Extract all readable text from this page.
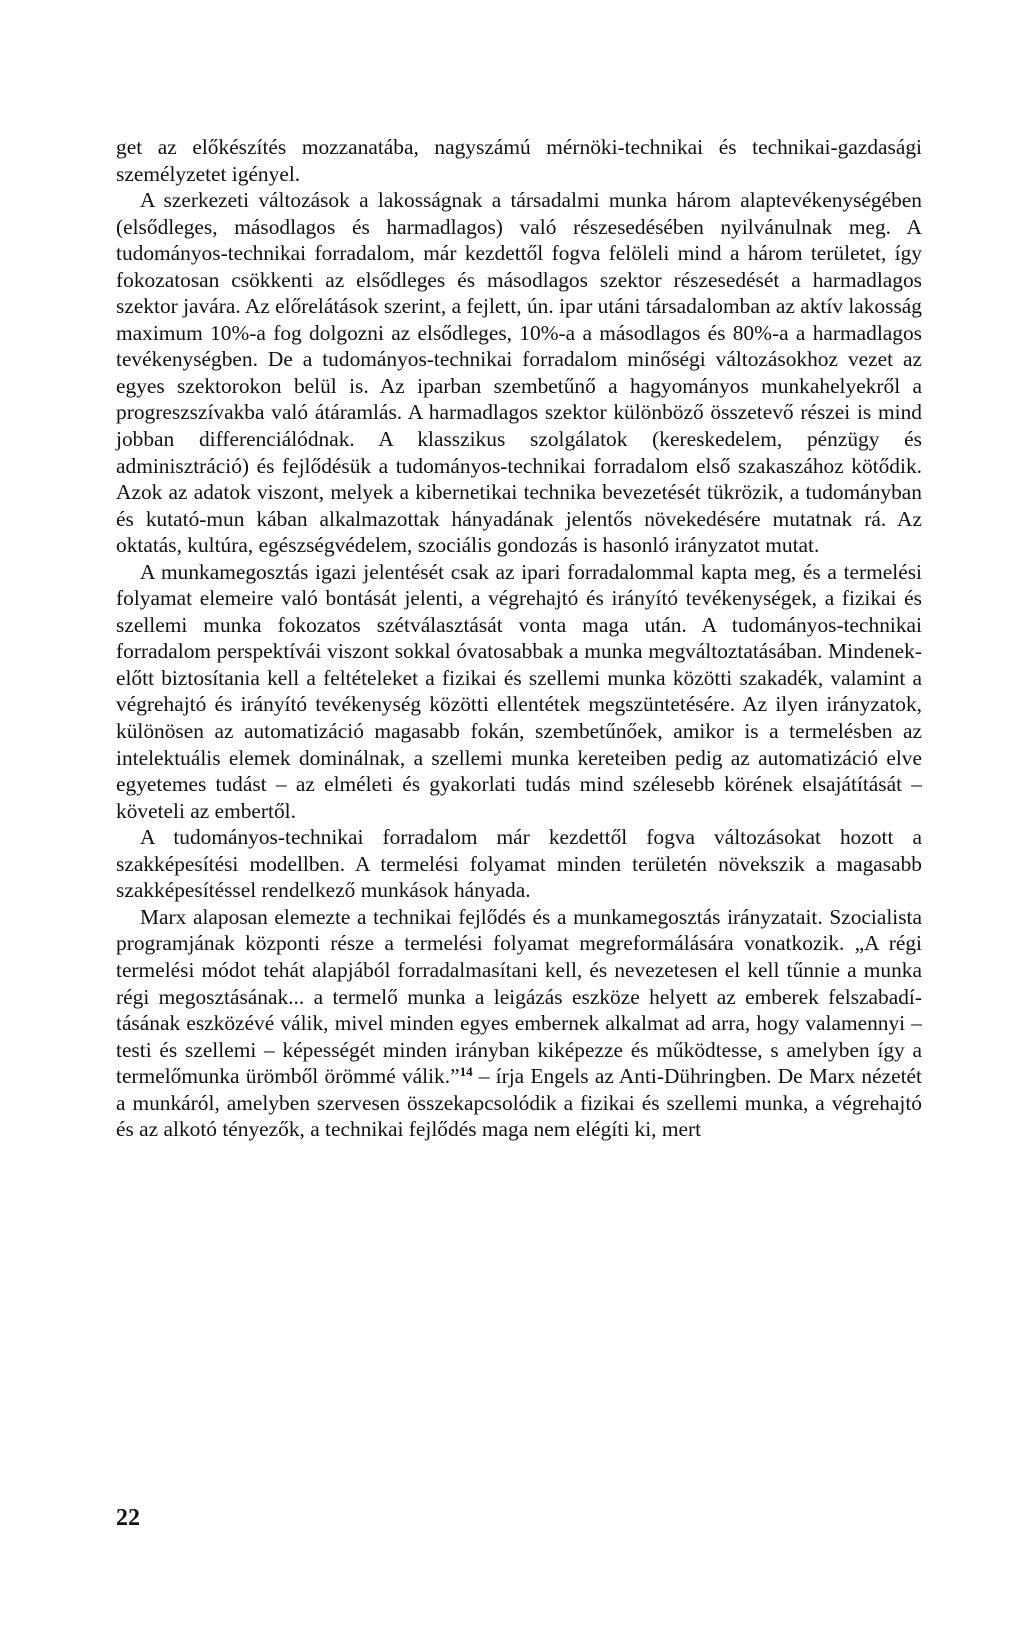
get az előkészítés mozzanatába, nagyszámú mérnöki-technikai és technikai-gazdasági személyzetet igényel.

A szerkezeti változások a lakosságnak a társadalmi munka három alaptevékenységében (elsődleges, másodlagos és harmadlagos) való részesedésében nyilvánulnak meg. A tudományos-technikai forradalom, már kezdettől fogva felöleli mind a három területet, így fokozatosan csökkenti az elsődleges és másodlagos szektor részesedését a harmadlagos szektor javára. Az előrelátások szerint, a fejlett, ún. ipar utáni társadalomban az aktív lakosság maximum 10%-a fog dolgozni az elsődleges, 10%-a a másodlagos és 80%-a a harmadlagos tevékenységben. De a tudományos-technikai forradalom minőségi változásokhoz vezet az egyes szektorokon belül is. Az iparban szembetűnő a hagyományos munkahelyekről a progreszszívakba való átáramlás. A harmadlagos szektor különböző összetevő részei is mind jobban differenciálódnak. A klasszikus szolgálatok (kereskedelem, pénzügy és adminisztráció) és fejlődésük a tudományos-technikai forradalom első szakaszához kötődik. Azok az adatok viszont, melyek a kibernetikai technika bevezetését tükrözik, a tudományban és kutató-mun kában alkalmazottak hányadának jelentős növekedésére mutatnak rá. Az oktatás, kultúra, egészségvédelem, szociális gondozás is hasonló irányzatot mutat.

A munkamegosztás igazi jelentését csak az ipari forradalommal kapta meg, és a termelési folyamat elemeire való bontását jelenti, a végrehajtó és irányító tevékenységek, a fizikai és szellemi munka fokozatos szétválasztását vonta maga után. A tudományos-technikai forradalom perspektívái viszont sokkal óvatosabbak a munka megváltoztatásában. Mindenekelőtt biztosítania kell a feltételeket a fizikai és szellemi munka közötti szakadék, valamint a végrehajtó és irányító tevékenység közötti ellentétek megszüntetésére. Az ilyen irányzatok, különösen az automatizáció magasabb fokán, szembetűnőek, amikor is a termelésben az intelektuális elemek dominálnak, a szellemi munka kereteiben pedig az automatizáció elve egyetemes tudást – az elméleti és gyakorlati tudás mind szélesebb körének elsajátítását – követeli az embertől.

A tudományos-technikai forradalom már kezdettől fogva változásokat hozott a szakképesítési modellben. A termelési folyamat minden területén növekszik a magasabb szakképesítéssel rendelkező munkások hányada.

Marx alaposan elemezte a technikai fejlődés és a munkamegosztás irányzatait. Szocialista programjának központi része a termelési folyamat megreformálására vonatkozik. „A régi termelési módot tehát alapjából forradalmasítani kell, és nevezetesen el kell tűnnie a munka régi megosztásának... a termelő munka a leigázás eszköze helyett az emberek felszabadításának eszközévé válik, mivel minden egyes embernek alkalmat ad arra, hogy valamennyi – testi és szellemi – képességét minden irányban kiképezze és működtesse, s amelyben így a termelőmunka ürömből örömmé válik.”$^{14}$ – írja Engels az Anti-Dühringben. De Marx nézetét a munkáról, amelyben szervesen összekapcsolódik a fizikai és szellemi munka, a végrehajtó és az alkotó tényezők, a technikai fejlődés maga nem elégíti ki, mert

22
